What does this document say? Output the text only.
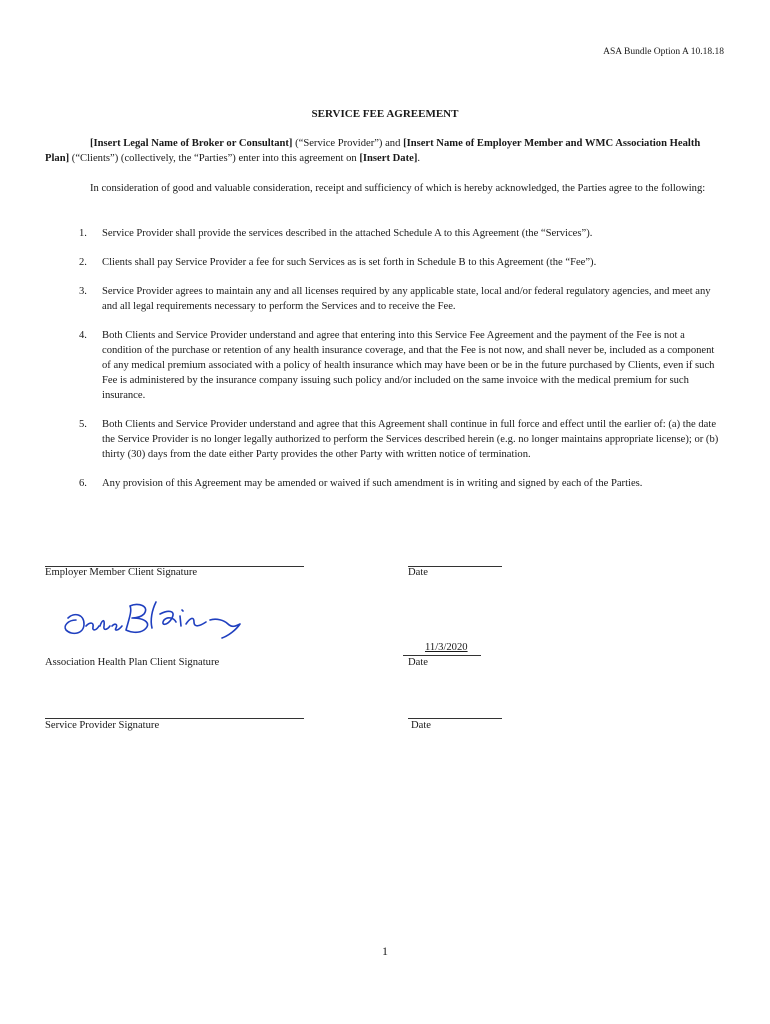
ASA Bundle Option A 10.18.18
SERVICE FEE AGREEMENT
[Insert Legal Name of Broker or Consultant] (“Service Provider”) and [Insert Name of Employer Member and WMC Association Health Plan] (“Clients”) (collectively, the “Parties”) enter into this agreement on [Insert Date].
In consideration of good and valuable consideration, receipt and sufficiency of which is hereby acknowledged, the Parties agree to the following:
1. Service Provider shall provide the services described in the attached Schedule A to this Agreement (the “Services”).
2. Clients shall pay Service Provider a fee for such Services as is set forth in Schedule B to this Agreement (the “Fee”).
3. Service Provider agrees to maintain any and all licenses required by any applicable state, local and/or federal regulatory agencies, and meet any and all legal requirements necessary to perform the Services and to receive the Fee.
4. Both Clients and Service Provider understand and agree that entering into this Service Fee Agreement and the payment of the Fee is not a condition of the purchase or retention of any health insurance coverage, and that the Fee is not now, and shall never be, included as a component of any medical premium associated with a policy of health insurance which may have been or be in the future purchased by Clients, even if such Fee is administered by the insurance company issuing such policy and/or included on the same invoice with the medical premium for such insurance.
5. Both Clients and Service Provider understand and agree that this Agreement shall continue in full force and effect until the earlier of: (a) the date the Service Provider is no longer legally authorized to perform the Services described herein (e.g. no longer maintains appropriate license); or (b) thirty (30) days from the date either Party provides the other Party with written notice of termination.
6. Any provision of this Agreement may be amended or waived if such amendment is in writing and signed by each of the Parties.
Employer Member Client Signature	Date
Association Health Plan Client Signature
11/3/2020
Date
Service Provider Signature	Date
1
